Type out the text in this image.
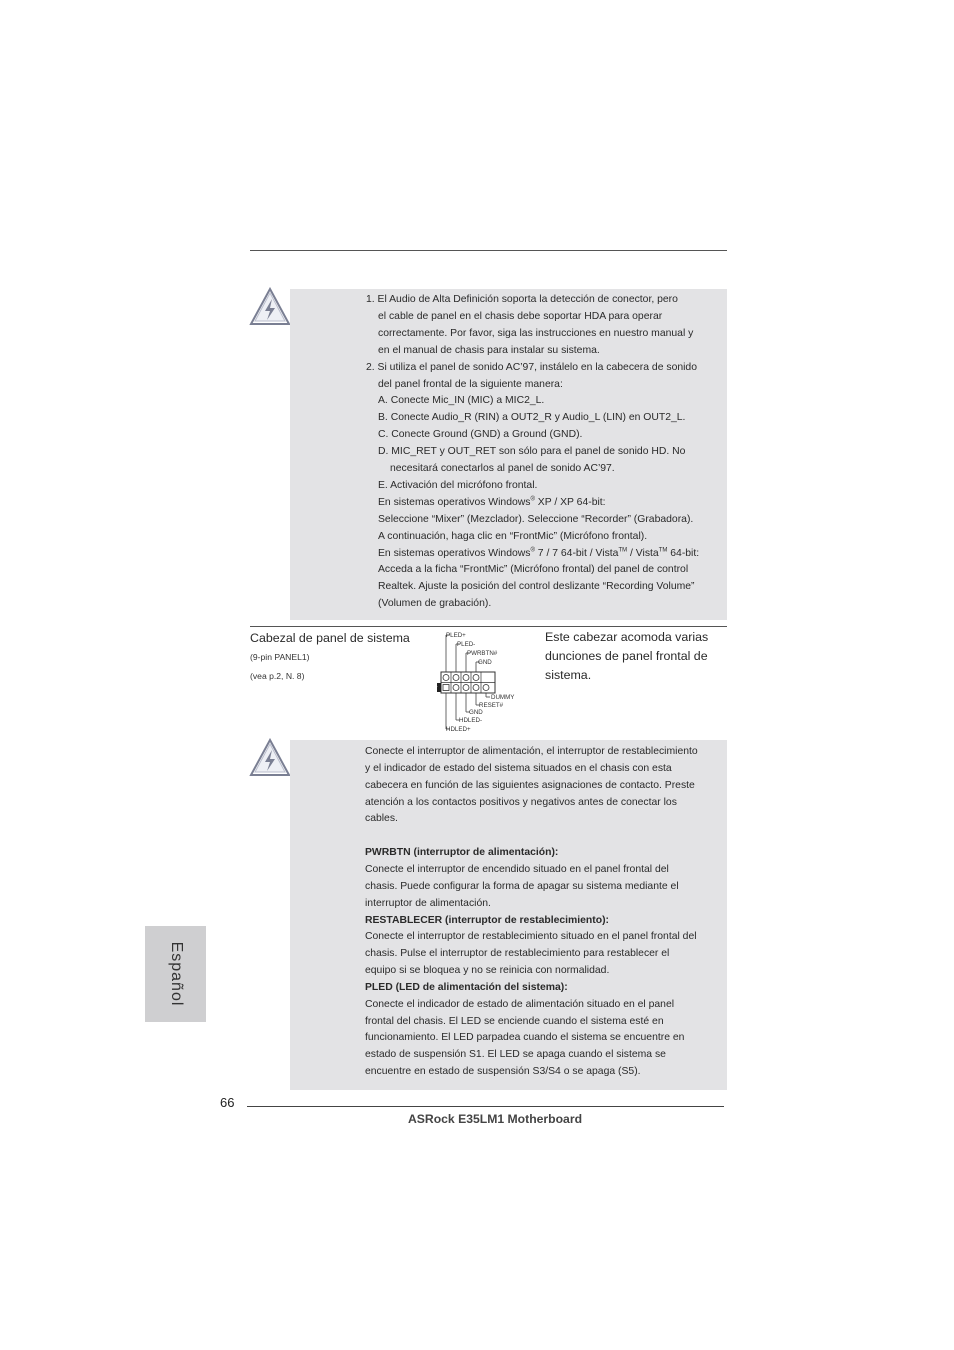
1. El Audio de Alta Definición soporta la detección de conector, pero
el cable de panel en el chasis debe soportar HDA para operar
correctamente. Por favor, siga las instrucciones en nuestro manual y
en el manual de chasis para instalar su sistema.
2. Si utiliza el panel de sonido AC’97, instálelo en la cabecera de sonido
del panel frontal de la siguiente manera:
A. Conecte Mic_IN (MIC) a MIC2_L.
B. Conecte Audio_R (RIN) a OUT2_R y Audio_L (LIN) en OUT2_L.
C. Conecte Ground (GND) a Ground (GND).
D. MIC_RET y OUT_RET son sólo para el panel de sonido HD. No
necesitará conectarlos al panel de sonido AC’97.
E. Activación del micrófono frontal.
En sistemas operativos Windows® XP / XP 64-bit:
Seleccione “Mixer” (Mezclador). Seleccione “Recorder” (Grabadora).
A continuación, haga clic en “FrontMic” (Micrófono frontal).
En sistemas operativos Windows® 7 / 7 64-bit / Vista™ / Vista™ 64-bit:
Acceda a la ficha “FrontMic” (Micrófono frontal) del panel de control
Realtek. Ajuste la posición del control deslizante “Recording Volume”
(Volumen de grabación).
Cabezal de panel de sistema
(9-pin PANEL1)
(vea p.2, N. 8)
Este cabezar acomoda varias
dunciones de panel frontal de
sistema.
PLED+
PLED-
PWRBTN#
GND
DUMMY
RESET#
GND
HDLED-
HDLED+
1
Conecte el interruptor de alimentación, el interruptor de restablecimiento
y el indicador de estado del sistema situados en el chasis con esta
cabecera en función de las siguientes asignaciones de contacto. Preste
atención a los contactos positivos y negativos antes de conectar los
cables.
PWRBTN (interruptor de alimentación):
Conecte el interruptor de encendido situado en el panel frontal del
chasis. Puede configurar la forma de apagar su sistema mediante el
interruptor de alimentación.
RESTABLECER (interruptor de restablecimiento):
Conecte el interruptor de restablecimiento situado en el panel frontal del
chasis. Pulse el interruptor de restablecimiento para restablecer el
equipo si se bloquea y no se reinicia con normalidad.
PLED (LED de alimentación del sistema):
Conecte el indicador de estado de alimentación situado en el panel
frontal del chasis. El LED se enciende cuando el sistema esté en
funcionamiento. El LED parpadea cuando el sistema se encuentre en
estado de suspensión S1. El LED se apaga cuando el sistema se
encuentre en estado de suspensión S3/S4 o se apaga (S5).
Español
66
ASRock E35LM1 Motherboard
